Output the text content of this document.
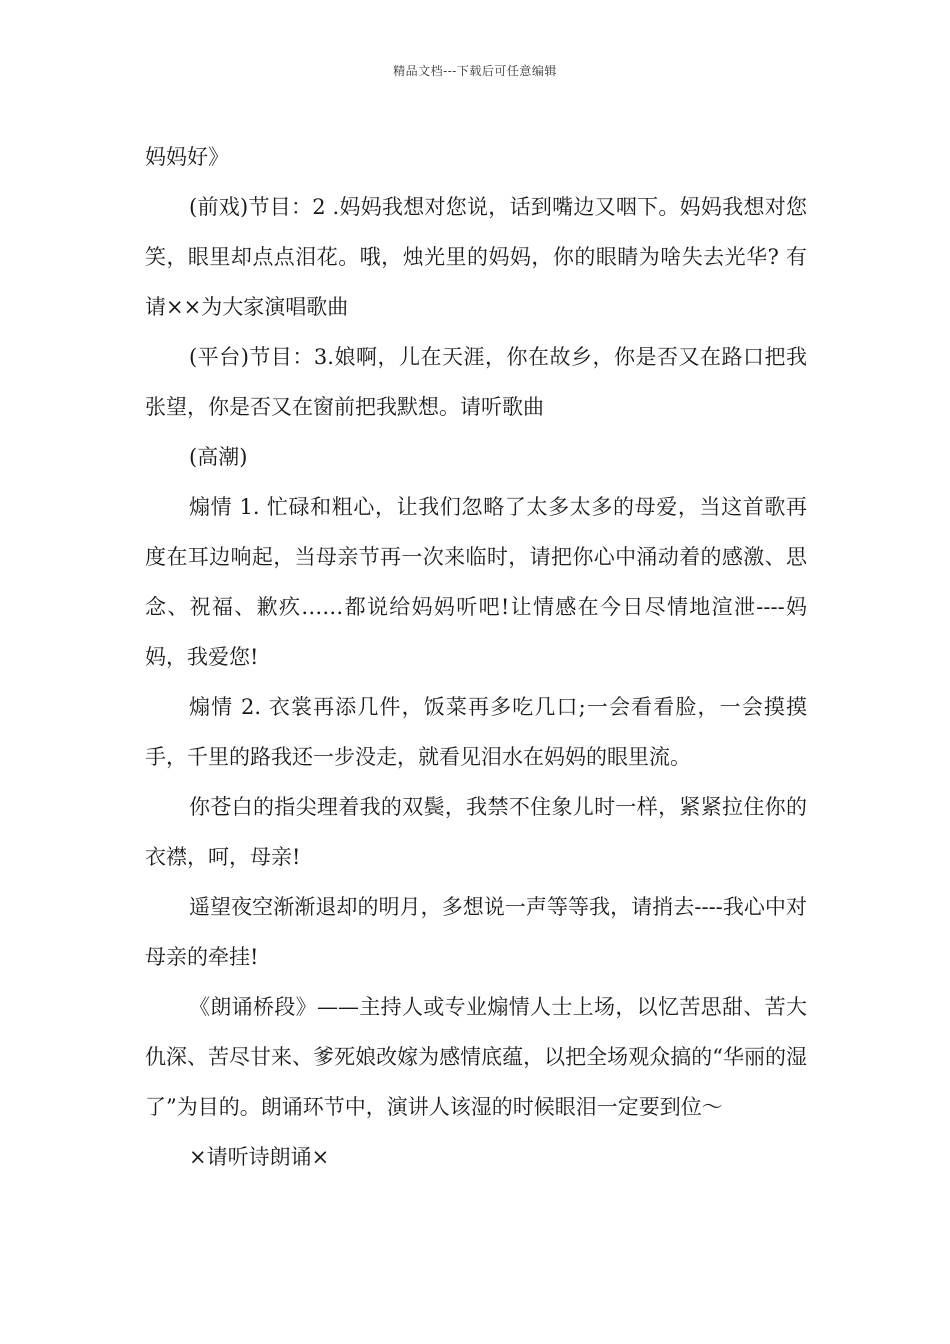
精品文档---下载后可任意编辑

妈妈好》

(前戏)节目：2 .妈妈我想对您说，话到嘴边又咽下。妈妈我想对您笑，眼里却点点泪花。哦，烛光里的妈妈，你的眼睛为啥失去光华? 有请××为大家演唱歌曲

(平台)节目：3.娘啊，儿在天涯，你在故乡，你是否又在路口把我张望，你是否又在窗前把我默想。请听歌曲

(高潮)

煽情 1. 忙碌和粗心，让我们忽略了太多太多的母爱，当这首歌再度在耳边响起，当母亲节再一次来临时，请把你心中涌动着的感激、思念、祝福、歉疚……都说给妈妈听吧!让情感在今日尽情地渲泄----妈妈，我爱您!

煽情 2. 衣裳再添几件，饭菜再多吃几口;一会看看脸，一会摸摸手，千里的路我还一步没走，就看见泪水在妈妈的眼里流。

你苍白的指尖理着我的双鬓，我禁不住象儿时一样，紧紧拉住你的衣襟，呵，母亲!

遥望夜空渐渐退却的明月，多想说一声等等我，请捎去----我心中对母亲的牵挂!

《朗诵桥段》——主持人或专业煽情人士上场，以忆苦思甜、苦大仇深、苦尽甘来、爹死娘改嫁为感情底蕴，以把全场观众搞的“华丽的湿了”为目的。朗诵环节中，演讲人该湿的时候眼泪一定要到位～

×请听诗朗诵×
